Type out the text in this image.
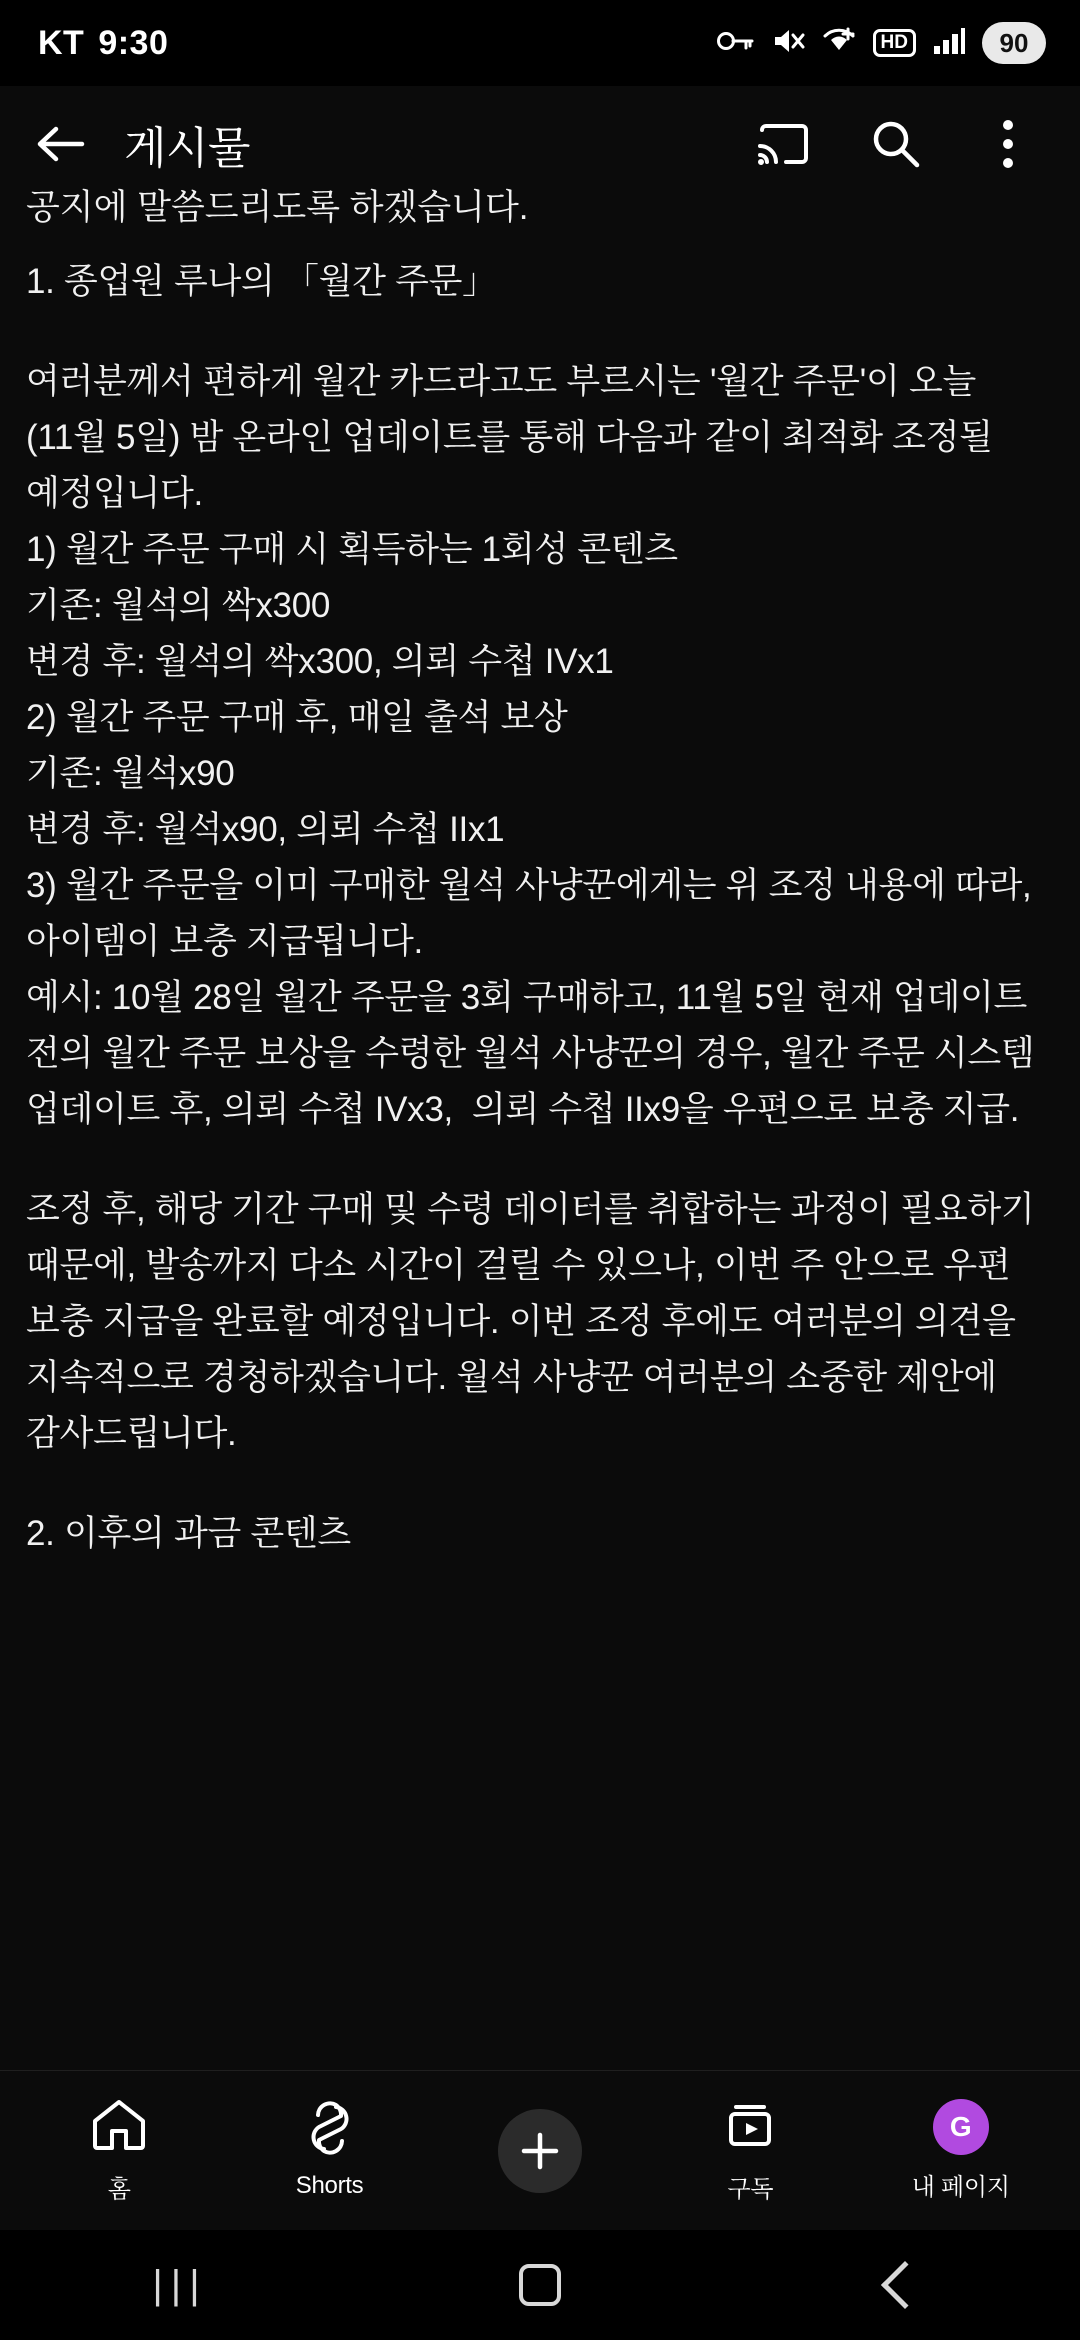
KT 9:30	HD	90
게시물
공지에 말씀드리도록 하겠습니다.
1. 종업원 루나의 「월간 주문」
여러분께서 편하게 월간 카드라고도 부르시는 '월간 주문'이 오늘(11월 5일) 밤 온라인 업데이트를 통해 다음과 같이 최적화 조정될 예정입니다.
1) 월간 주문 구매 시 획득하는 1회성 콘텐츠
기존: 월석의 싹x300
변경 후: 월석의 싹x300, 의뢰 수첩 IVx1
2) 월간 주문 구매 후, 매일 출석 보상
기존: 월석x90
변경 후: 월석x90, 의뢰 수첩 IIx1
3) 월간 주문을 이미 구매한 월석 사냥꾼에게는 위 조정 내용에 따라, 아이템이 보충 지급됩니다.
예시: 10월 28일 월간 주문을 3회 구매하고, 11월 5일 현재 업데이트 전의 월간 주문 보상을 수령한 월석 사냥꾼의 경우, 월간 주문 시스템 업데이트 후, 의뢰 수첩 IVx3,  의뢰 수첩 IIx9을 우편으로 보충 지급.
조정 후, 해당 기간 구매 및 수령 데이터를 취합하는 과정이 필요하기 때문에, 발송까지 다소 시간이 걸릴 수 있으나, 이번 주 안으로 우편 보충 지급을 완료할 예정입니다. 이번 조정 후에도 여러분의 의견을 지속적으로 경청하겠습니다. 월석 사냥꾼 여러분의 소중한 제안에 감사드립니다.
2. 이후의 과금 콘텐츠
홈	Shorts	구독
G
내 페이지
|||
